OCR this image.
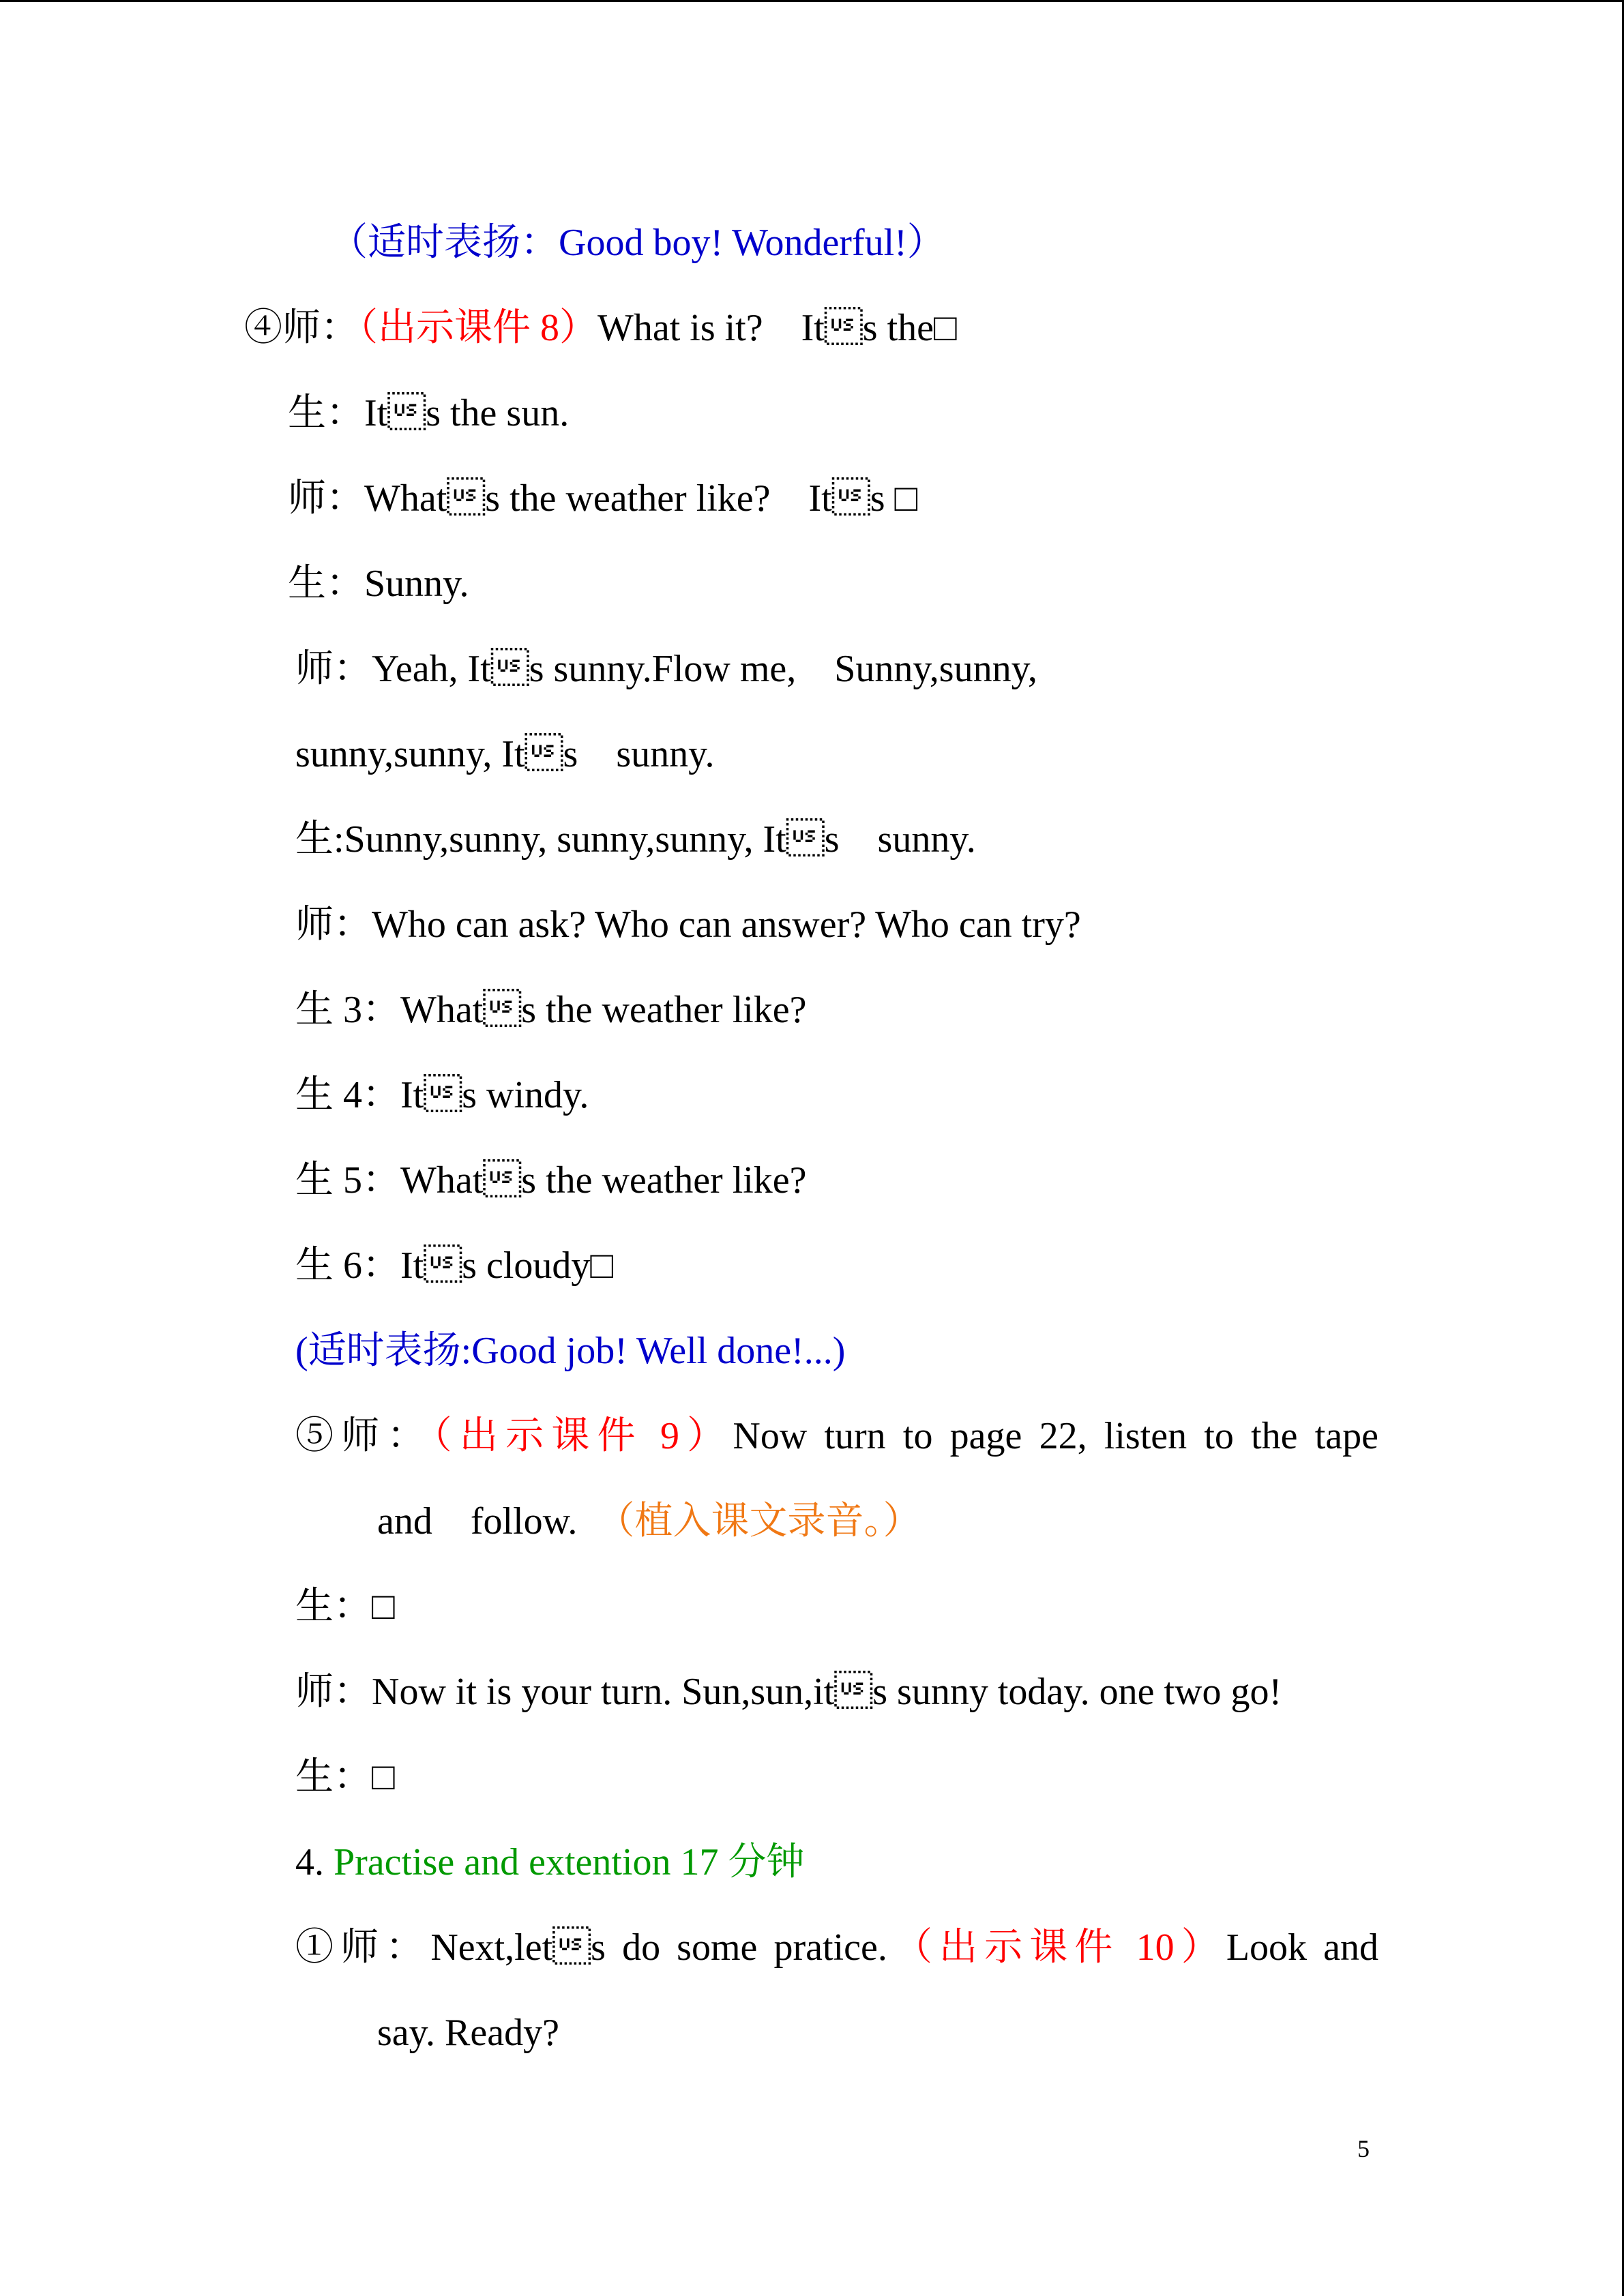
（适时表扬：Good boy! Wonderful!）
④师：（出示课件 8）What is it?　Its the□
生：Its the sun.
师：Whats the weather like?　Its □
生：Sunny.
师：Yeah, Its sunny.Flow me,　Sunny,sunny,
sunny,sunny, Its　sunny.
生:Sunny,sunny, sunny,sunny, Its　sunny.
师：Who can ask? Who can answer? Who can try?
生 3：Whats the weather like?
生 4：Its windy.
生 5：Whats the weather like?
生 6：Its cloudy□
(适时表扬:Good job! Well done!...)
⑤师：（出示课件 9）Now turn to page 22, listen to the tape
and　follow. （植入课文录音。）
生：□
师：Now it is your turn. Sun,sun,its sunny today. one two go!
生：□
4. Practise and extention 17 分钟
①师：Next,lets do some pratice.（出示课件 10）Look and
say. Ready?
5
